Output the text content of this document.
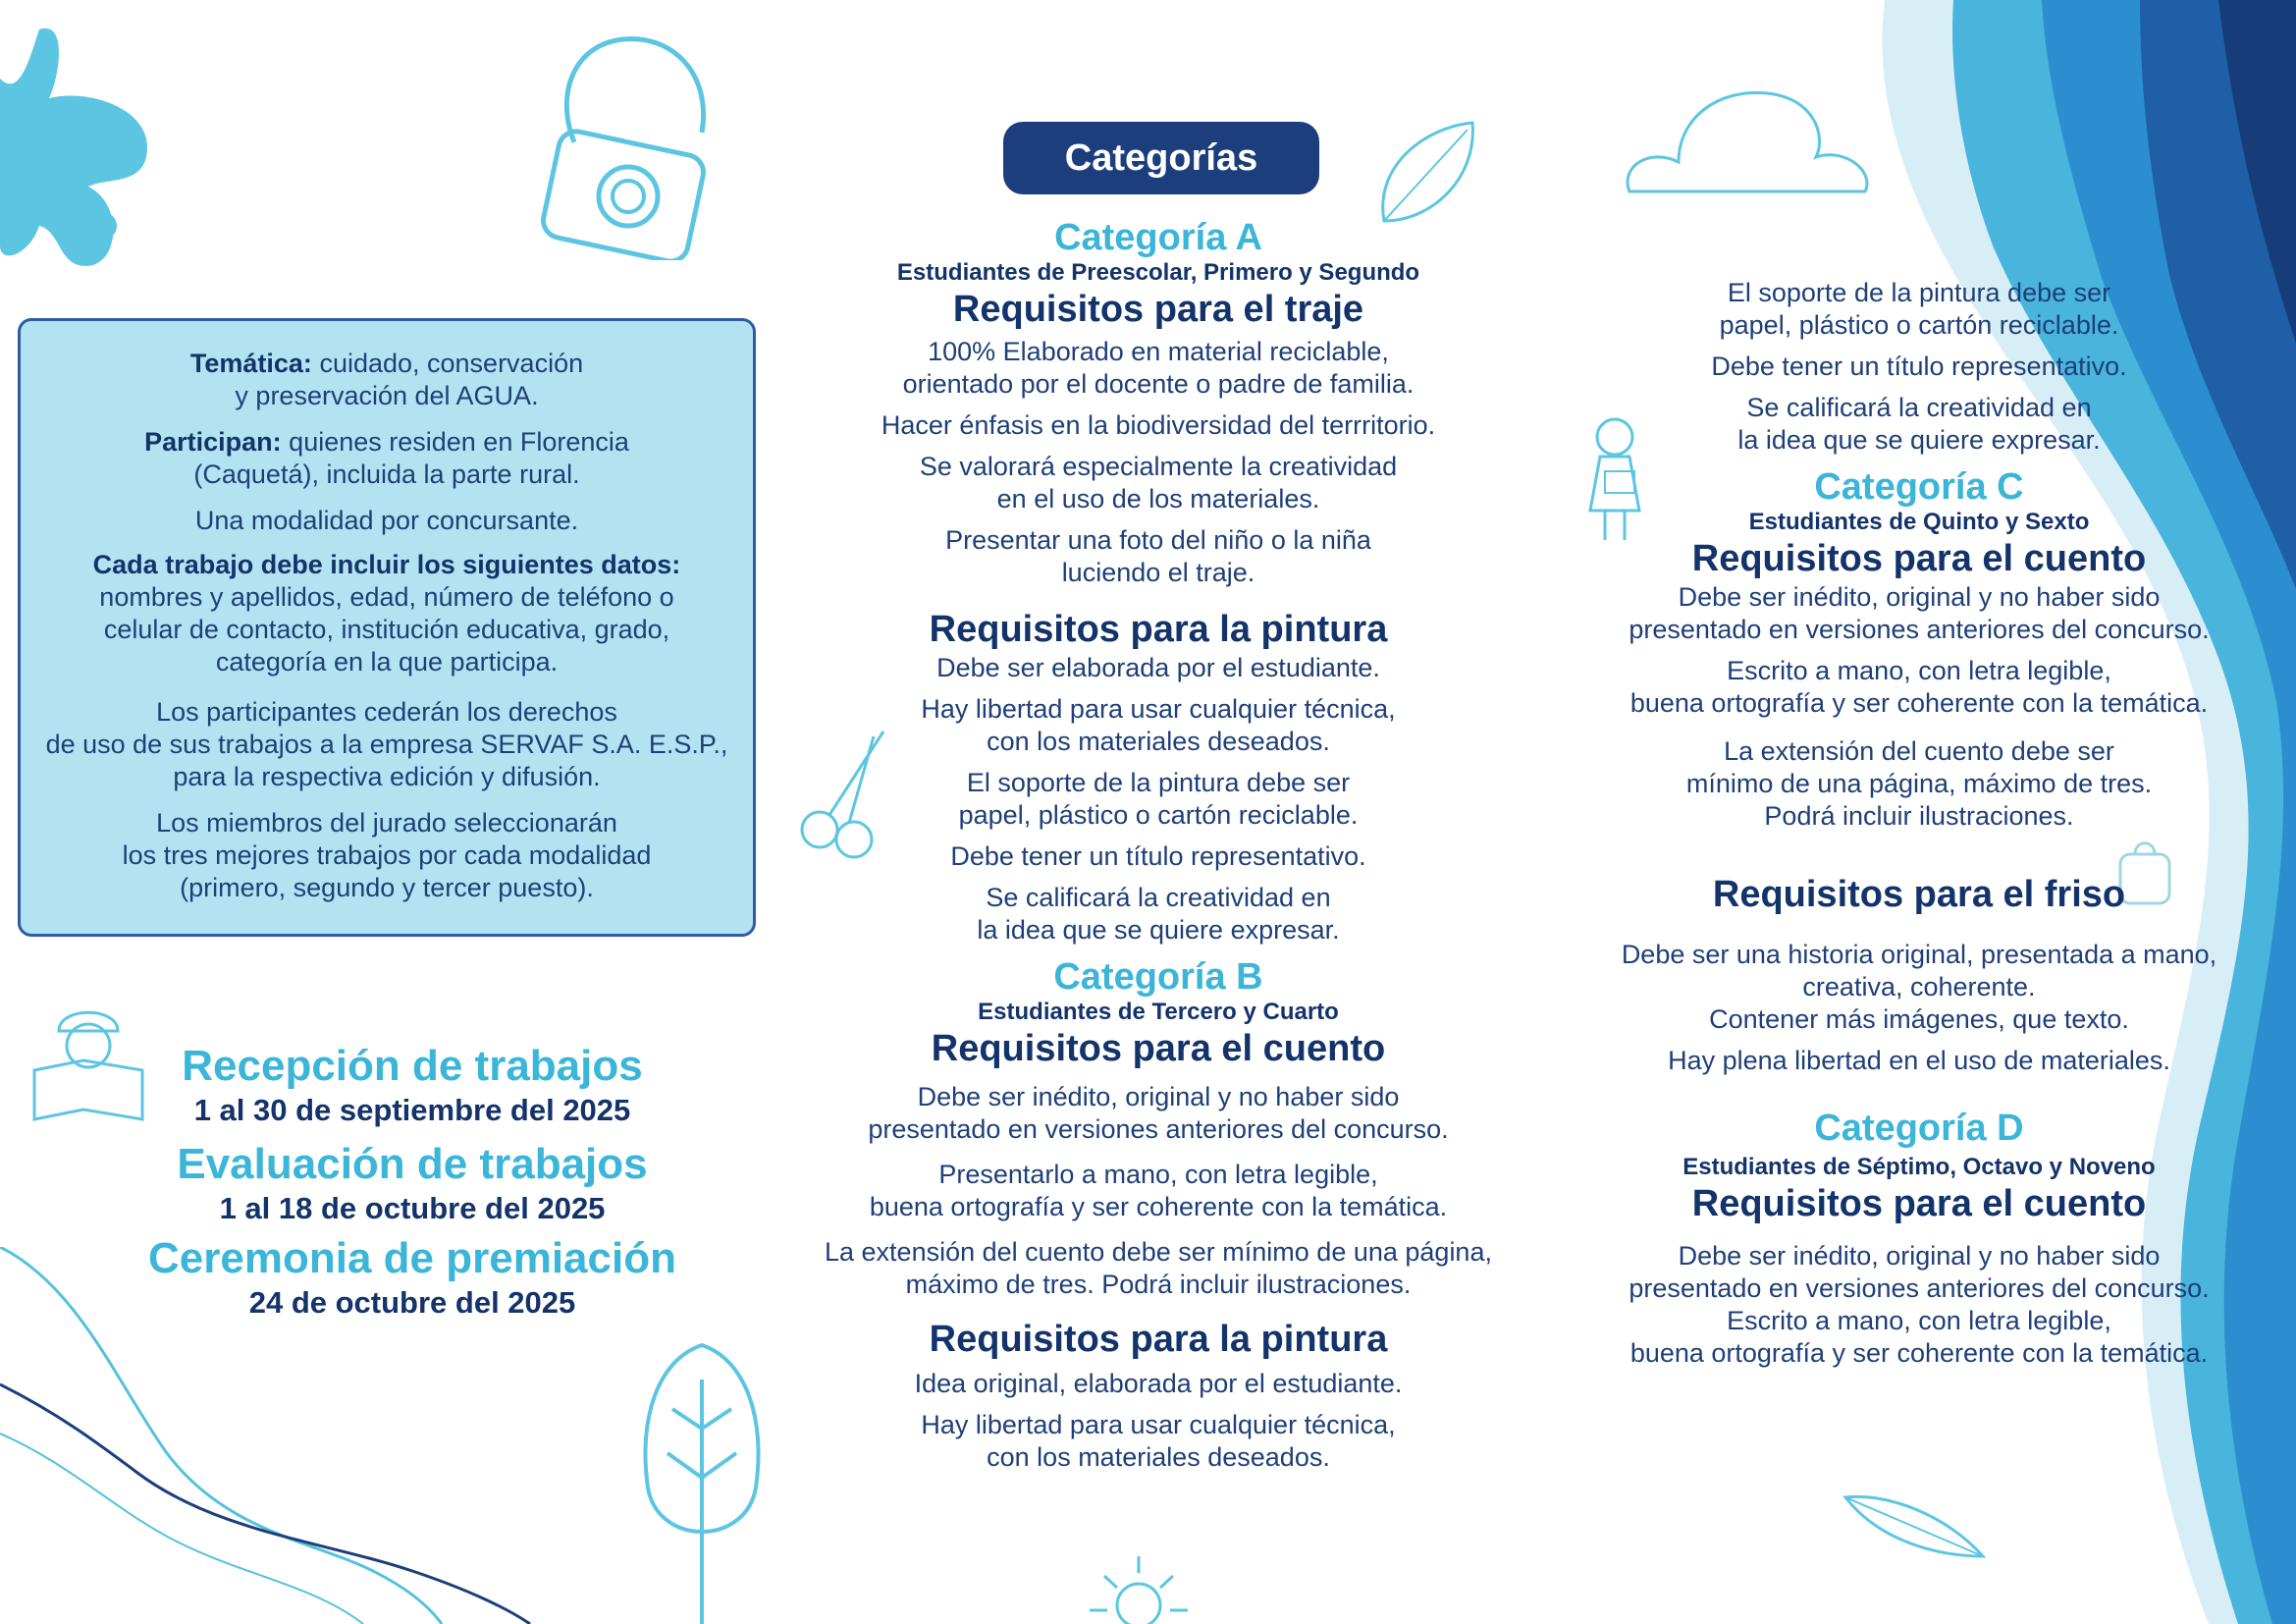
Temática: cuidado, conservación
y preservación del AGUA.

Participan: quienes residen en Florencia
(Caquetá), incluida la parte rural.

Una modalidad por concursante.

Cada trabajo debe incluir los siguientes datos:
nombres y apellidos, edad, número de teléfono o
celular de contacto, institución educativa, grado,
categoría en la que participa.

Los participantes cederán los derechos
de uso de sus trabajos a la empresa SERVAF S.A. E.S.P.,
para la respectiva edición y difusión.

Los miembros del jurado seleccionarán
los tres mejores trabajos por cada modalidad
(primero, segundo y tercer puesto).

Recepción de trabajos
1 al 30 de septiembre del 2025
Evaluación de trabajos
1 al 18 de octubre del 2025
Ceremonia de premiación
24 de octubre del 2025
Categorías

Categoría A

Estudiantes de Preescolar, Primero y Segundo

Requisitos para el traje

100% Elaborado en material reciclable,
orientado por el docente o padre de familia.

Hacer énfasis en la biodiversidad del terrritorio.

Se valorará especialmente la creatividad
en el uso de los materiales.

Presentar una foto del niño o la niña
luciendo el traje.

Requisitos para la pintura

Debe ser elaborada por el estudiante.

Hay libertad para usar cualquier técnica,
con los materiales deseados.

El soporte de la pintura debe ser
papel, plástico o cartón reciclable.

Debe tener un título representativo.

Se calificará la creatividad en
la idea que se quiere expresar.

Categoría B

Estudiantes de Tercero y Cuarto

Requisitos para el cuento

Debe ser inédito, original y no haber sido
presentado en versiones anteriores del concurso.

Presentarlo a mano, con letra legible,
buena ortografía y ser coherente con la temática.

La extensión del cuento debe ser mínimo de una página,
máximo de tres. Podrá incluir ilustraciones.

Requisitos para la pintura

Idea original, elaborada por el estudiante.

Hay libertad para usar cualquier técnica,
con los materiales deseados.

El soporte de la pintura debe ser
papel, plástico o cartón reciclable.

Debe tener un título representativo.

Se calificará la creatividad en
la idea que se quiere expresar.

Categoría C

Estudiantes de Quinto y Sexto

Requisitos para el cuento

Debe ser inédito, original y no haber sido
presentado en versiones anteriores del concurso.

Escrito a mano, con letra legible,
buena ortografía y ser coherente con la temática.

La extensión del cuento debe ser
mínimo de una página, máximo de tres.
Podrá incluir ilustraciones.

Requisitos para el friso

Debe ser una historia original, presentada a mano,
creativa, coherente.
Contener más imágenes, que texto.

Hay plena libertad en el uso de materiales.

Categoría D

Estudiantes de Séptimo, Octavo y Noveno

Requisitos para el cuento

Debe ser inédito, original y no haber sido
presentado en versiones anteriores del concurso.
Escrito a mano, con letra legible,
buena ortografía y ser coherente con la temática.
